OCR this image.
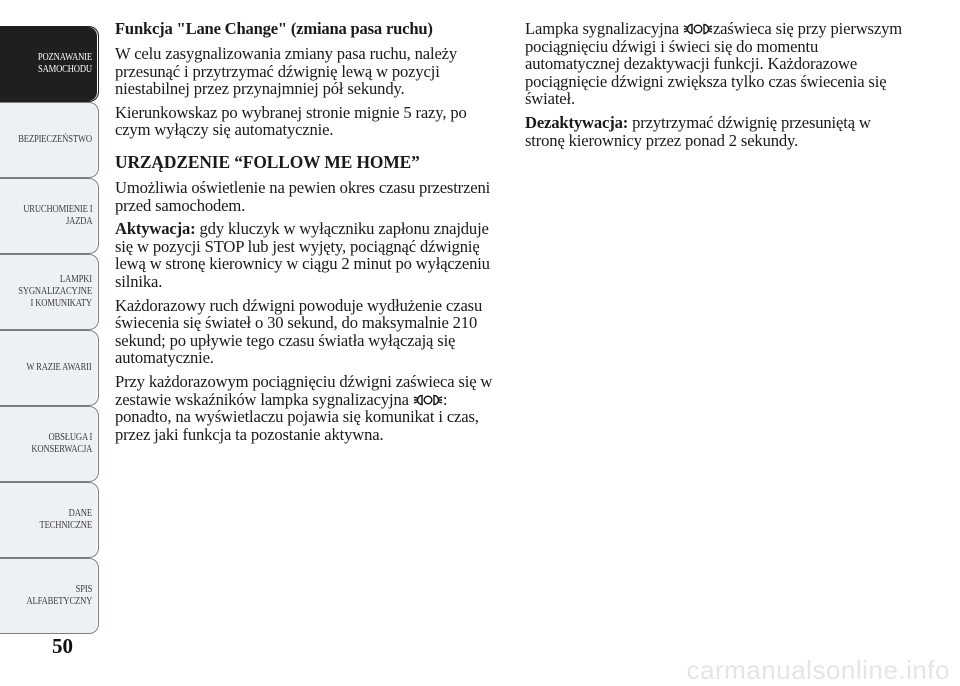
POZNAWANIE
SAMOCHODU
BEZPIECZEŃSTWO
URUCHOMIENIE I
JAZDA
LAMPKI
SYGNALIZACYJNE
I KOMUNIKATY
W RAZIE AWARII
OBSŁUGA I
KONSERWACJA
DANE
TECHNICZNE
SPIS
ALFABETYCZNY
50
Funkcja "Lane Change" (zmiana pasa ruchu)

W celu zasygnalizowania zmiany pasa ruchu, należy przesunąć i przytrzymać dźwignię lewą w pozycji niestabilnej przez przynajmniej pół sekundy.

Kierunkowskaz po wybranej stronie mignie 5 razy, po czym wyłączy się automatycznie.

URZĄDZENIE “FOLLOW ME HOME”

Umożliwia oświetlenie na pewien okres czasu przestrzeni przed samochodem.

Aktywacja: gdy kluczyk w wyłączniku zapłonu znajduje się w pozycji STOP lub jest wyjęty, pociągnąć dźwignię lewą w stronę kierownicy w ciągu 2 minut po wyłączeniu silnika.

Każdorazowy ruch dźwigni powoduje wydłużenie czasu świecenia się świateł o 30 sekund, do maksymalnie 210 sekund; po upływie tego czasu światła wyłączają się automatycznie.

Przy każdorazowym pociągnięciu dźwigni zaświeca się w zestawie wskaźników lampka sygnalizacyjna
: ponadto, na wyświetlaczu pojawia się komunikat i czas, przez jaki funkcja ta pozostanie aktywna.

Lampka sygnalizacyjna
zaświeca się przy pierwszym pociągnięciu dźwigi i świeci się do momentu automatycznej dezaktywacji funkcji. Każdorazowe pociągnięcie dźwigni zwiększa tylko czas świecenia się świateł.

Dezaktywacja: przytrzymać dźwignię przesuniętą w stronę kierownicy przez ponad 2 sekundy.

carmanualsonline.info
